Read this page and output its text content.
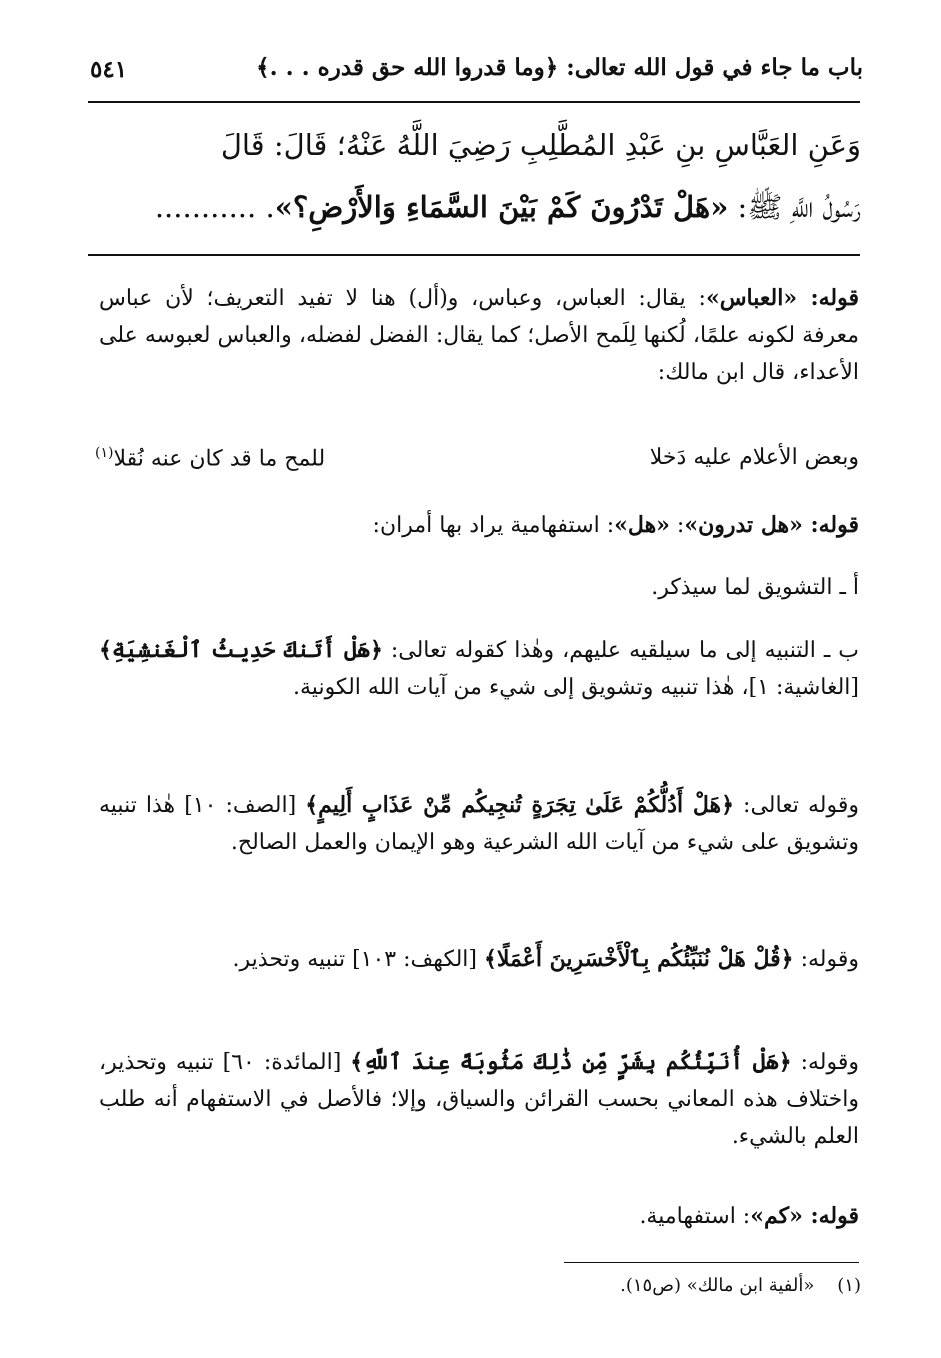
باب ما جاء في قول الله تعالى: ﴿وما قدروا الله حق قدره . . .﴾
٥٤١
وَعَنِ العَبَّاسِ بنِ عَبْدِ المُطَّلِبِ رَضِيَ اللَّهُ عَنْهُ؛ قَالَ: قَالَ
رَسُولُ اللَّهِ ﷺ: «هَلْ تَدْرُونَ كَمْ بَيْنَ السَّمَاءِ وَالأَرْضِ؟». ...........
قوله: «العباس»: يقال: العباس، وعباس، و(أل) هنا لا تفيد التعريف؛ لأن عباس معرفة لكونه علمًا، لُكنها لِلَمح الأصل؛ كما يقال: الفضل لفضله، والعباس لعبوسه على الأعداء، قال ابن مالك:
وبعض الأعلام عليه دَخلا
للمح ما قد كان عنه نُقلا$^{(١)}$
قوله: «هل تدرون»: «هل»: استفهامية يراد بها أمران:
أ ـ التشويق لما سيذكر.
ب ـ التنبيه إلى ما سيلقيه عليهم، وهٰذا كقوله تعالى: ﴿هَلْ أَتَنكَ حَدِيثُ ٱلْغَنشِيَةِ﴾ [الغاشية: ١]، هٰذا تنبيه وتشويق إلى شيء من آيات الله الكونية.
وقوله تعالى: ﴿هَلْ أَدُلُّكُمْ عَلَىٰ تِجَرَةٍ تُنجِيكُم مِّنْ عَذَابٍ أَلِيمٍ﴾ [الصف: ١٠] هٰذا تنبيه وتشويق على شيء من آيات الله الشرعية وهو الإيمان والعمل الصالح.
وقوله: ﴿قُلْ هَلْ نُنَبِّئُكُم بِٱلْأَخْسَرِينَ أَعْمَلًا﴾ [الكهف: ١٠٣] تنبيه وتحذير.
وقوله: ﴿هَلْ أُنَبِّئُكُم بِشَرٍّ مِّن ذَٰلِكَ مَثُوبَةً عِندَ ٱللَّهِ﴾ [المائدة: ٦٠] تنبيه وتحذير، واختلاف هذه المعاني بحسب القرائن والسياق، وإلا؛ فالأصل في الاستفهام أنه طلب العلم بالشيء.
قوله: «كم»: استفهامية.
(١)    «ألفية ابن مالك» (ص١٥).
